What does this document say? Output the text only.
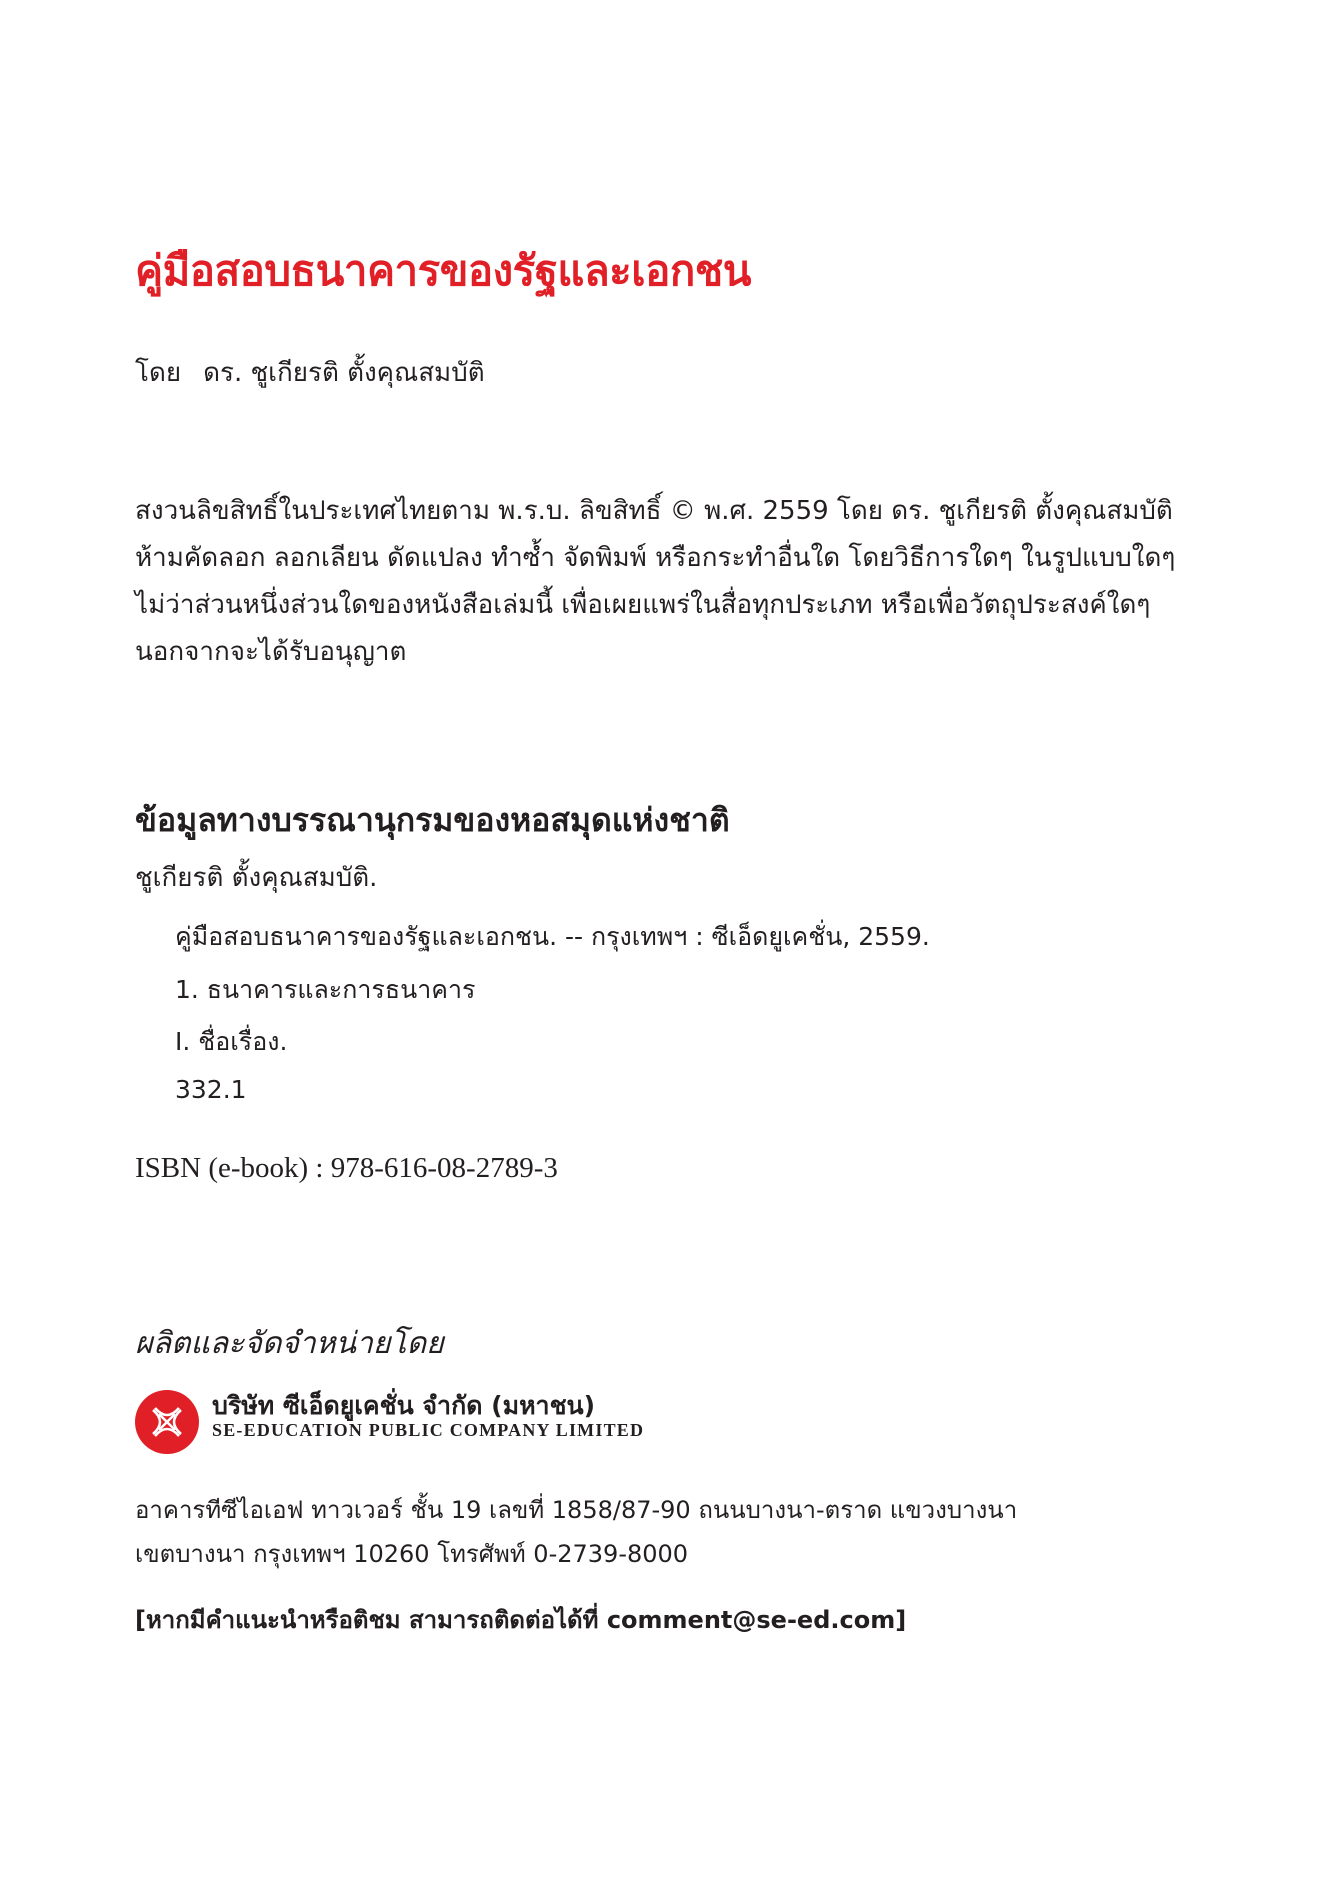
คู่มือสอบธนาคารของรัฐและเอกชน
โดย ดร. ชูเกียรติ ตั้งคุณสมบัติ
สงวนลิขสิทธิ์ในประเทศไทยตาม พ.ร.บ. ลิขสิทธิ์ © พ.ศ. 2559 โดย ดร. ชูเกียรติ ตั้งคุณสมบัติ
ห้ามคัดลอก ลอกเลียน ดัดแปลง ทำซ้ำ จัดพิมพ์ หรือกระทำอื่นใด โดยวิธีการใดๆ ในรูปแบบใดๆ
ไม่ว่าส่วนหนึ่งส่วนใดของหนังสือเล่มนี้ เพื่อเผยแพร่ในสื่อทุกประเภท หรือเพื่อวัตถุประสงค์ใดๆ
นอกจากจะได้รับอนุญาต
ข้อมูลทางบรรณานุกรมของหอสมุดแห่งชาติ
ชูเกียรติ ตั้งคุณสมบัติ.
คู่มือสอบธนาคารของรัฐและเอกชน. -- กรุงเทพฯ : ซีเอ็ดยูเคชั่น, 2559.
1. ธนาคารและการธนาคาร
I. ชื่อเรื่อง.
332.1
ISBN (e-book) : 978-616-08-2789-3
ผลิตและจัดจำหน่ายโดย
บริษัท ซีเอ็ดยูเคชั่น จำกัด (มหาชน)
SE-EDUCATION PUBLIC COMPANY LIMITED
อาคารทีซีไอเอฟ ทาวเวอร์ ชั้น 19 เลขที่ 1858/87-90 ถนนบางนา-ตราด แขวงบางนา
เขตบางนา กรุงเทพฯ 10260 โทรศัพท์ 0-2739-8000
[หากมีคำแนะนำหรือติชม สามารถติดต่อได้ที่ comment@se-ed.com]
